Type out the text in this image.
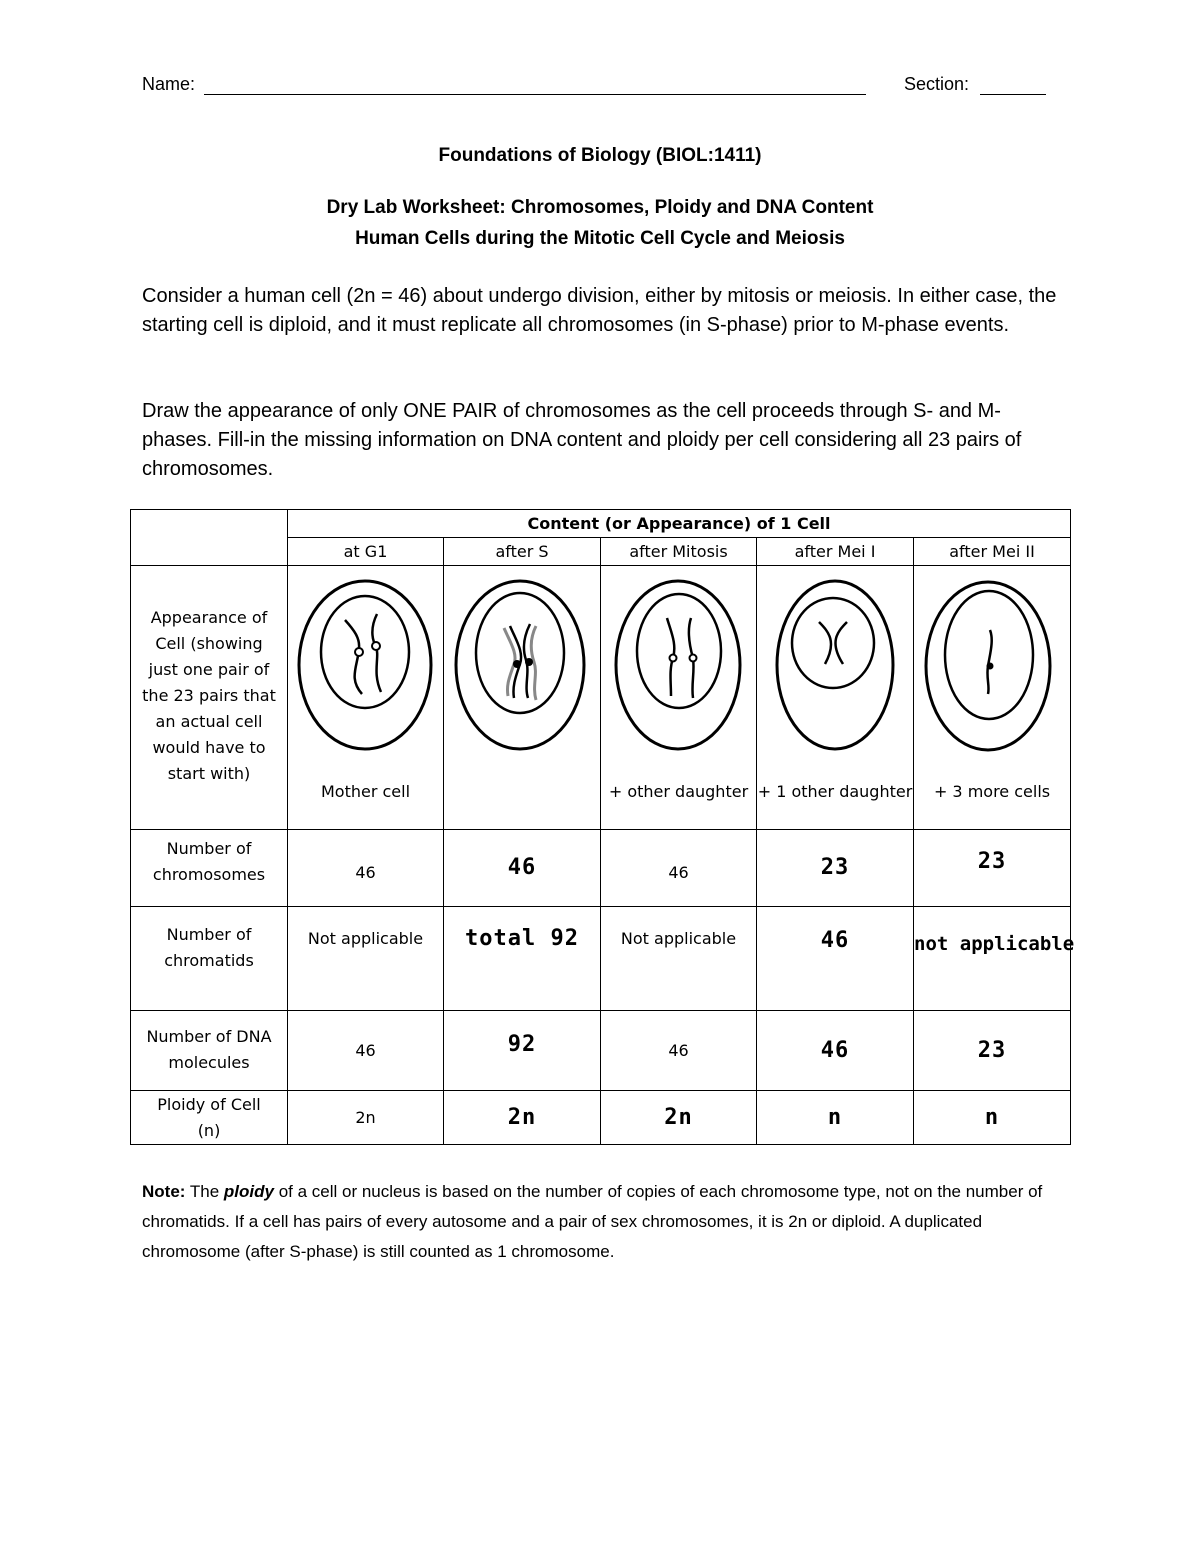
Name:	Section:
Foundations of Biology (BIOL:1411)
Dry Lab Worksheet: Chromosomes, Ploidy and DNA Content
Human Cells during the Mitotic Cell Cycle and Meiosis
Consider a human cell (2n = 46) about undergo division, either by mitosis or meiosis. In either case, the starting cell is diploid, and it must replicate all chromosomes (in S-phase) prior to M-phase events.
Draw the appearance of only ONE PAIR of chromosomes as the cell proceeds through S- and M-phases. Fill-in the missing information on DNA content and ploidy per cell considering all 23 pairs of chromosomes.
	Content (or Appearance) of 1 Cell				
	at G1	after S	after Mitosis	after Mei I	after Mei II
Appearance of Cell (showing just one pair of the 23 pairs that an actual cell would have to start with)	Mother cell		+ other daughter	+ 1 other daughter	+ 3 more cells

Number of chromosomes	46	46	46	23	23
Number of chromatids	Not applicable	total 92	Not applicable	46	not applicable
Number of DNA molecules	46	92	46	46	23
Ploidy of Cell (n)	2n	2n	2n	n	n
Note: The ploidy of a cell or nucleus is based on the number of copies of each chromosome type, not on the number of chromatids. If a cell has pairs of every autosome and a pair of sex chromosomes, it is 2n or diploid. A duplicated chromosome (after S-phase) is still counted as 1 chromosome.
